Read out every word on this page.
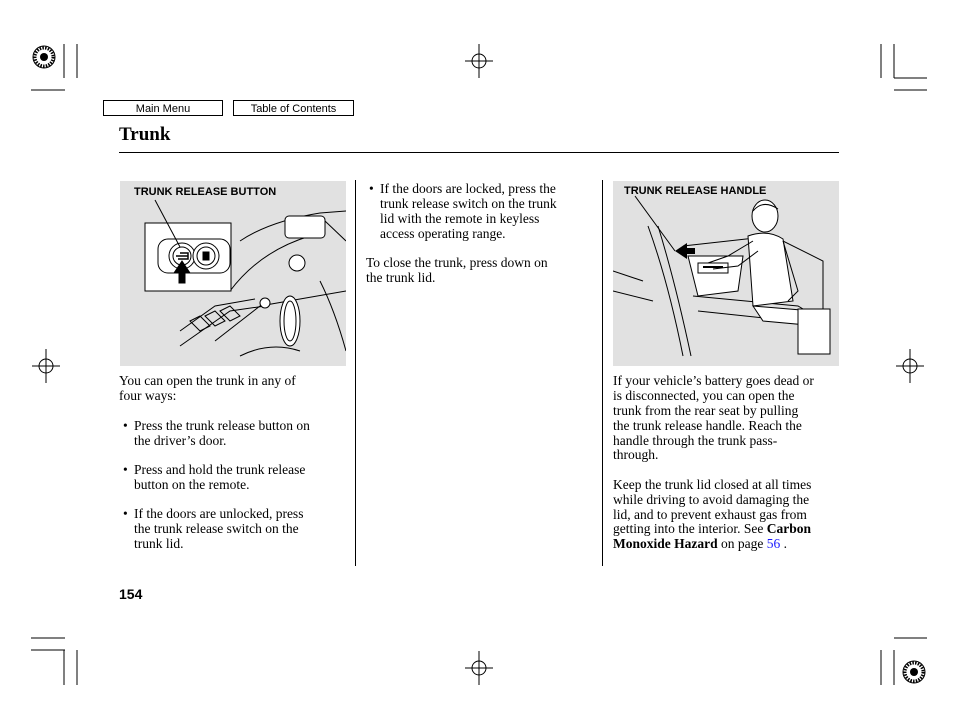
Main Menu	Table of Contents
Trunk
TRUNK RELEASE BUTTON	TRUNK RELEASE HANDLE
You can open the trunk in any of
four ways:
• Press the trunk release button on
the driver’s door.
• Press and hold the trunk release
button on the remote.
• If the doors are unlocked, press
the trunk release switch on the
trunk lid.
• If the doors are locked, press the
trunk release switch on the trunk
lid with the remote in keyless
access operating range.
To close the trunk, press down on
the trunk lid.
If your vehicle’s battery goes dead or
is disconnected, you can open the
trunk from the rear seat by pulling
the trunk release handle. Reach the
handle through the trunk pass-
through.
Keep the trunk lid closed at all times
while driving to avoid damaging the
lid, and to prevent exhaust gas from
getting into the interior. See Carbon
Monoxide Hazard on page 56 .
154
